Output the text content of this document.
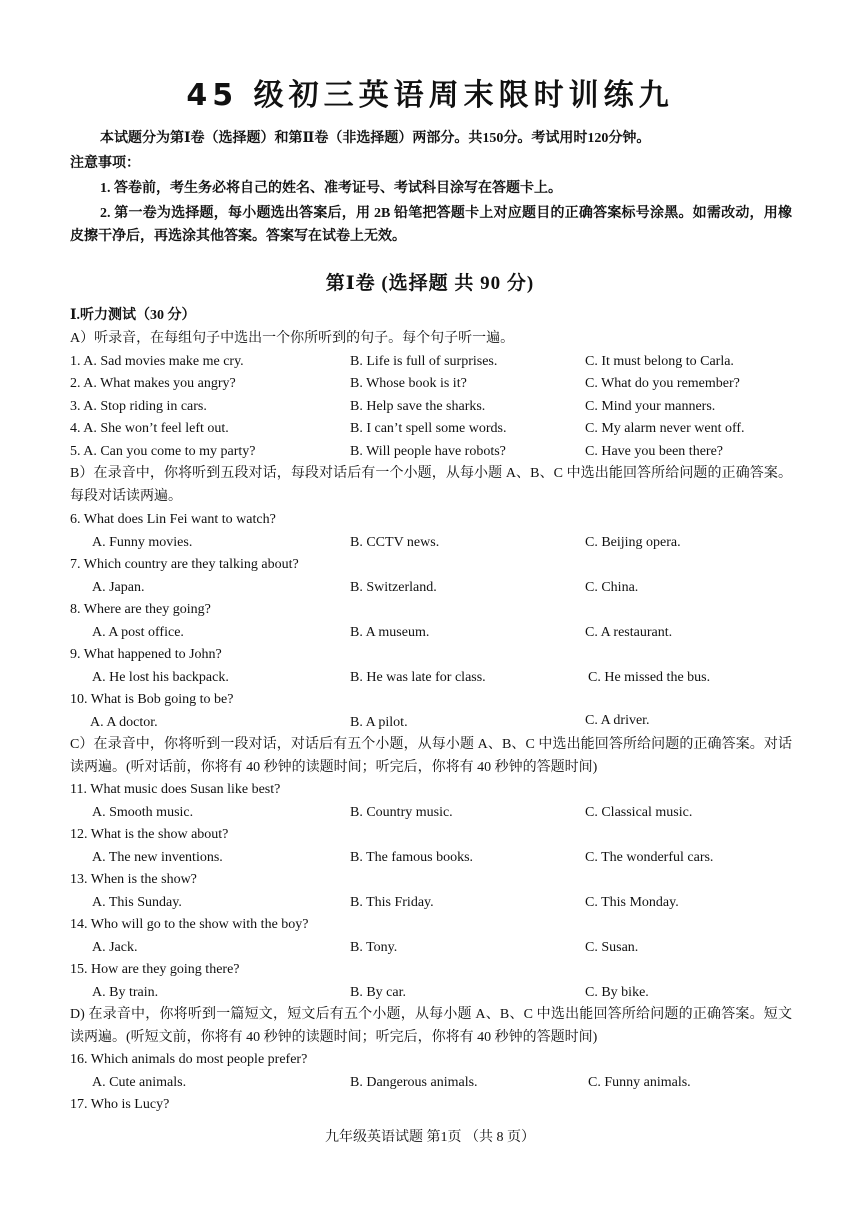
45 级初三英语周末限时训练九
本试题分为第Ⅰ卷（选择题）和第Ⅱ卷（非选择题）两部分。共150分。考试用时120分钟。
注意事项：
1. 答卷前，考生务必将自己的姓名、准考证号、考试科目涂写在答题卡上。
2. 第一卷为选择题，每小题选出答案后，用 2B 铅笔把答题卡上对应题目的正确答案标号涂黑。如需改动，用橡皮擦干净后，再选涂其他答案。答案写在试卷上无效。
第Ⅰ卷 (选择题 共 90 分)
Ⅰ.听力测试（30 分）
A）听录音，在每组句子中选出一个你所听到的句子。每个句子听一遍。
1. A. Sad movies make me cry.	B. Life is full of surprises.	C. It must belong to Carla.
2. A. What makes you angry?	B. Whose book is it?	C. What do you remember?
3. A. Stop riding in cars.	B. Help save the sharks.	C. Mind your manners.
4. A. She won’t feel left out.	B. I can’t spell some words.	C. My alarm never went off.
5. A. Can you come to my party?	B. Will people have robots?	C. Have you been there?
B）在录音中，你将听到五段对话，每段对话后有一个小题，从每小题 A、B、C 中选出能回答所给问题的正确答案。每段对话读两遍。
6. What does Lin Fei want to watch?
A. Funny movies.	B. CCTV news.	C. Beijing opera.
7. Which country are they talking about?
A. Japan.	B. Switzerland.	C. China.
8. Where are they going?
A. A post office.	B. A museum.	C. A restaurant.
9. What happened to John?
A. He lost his backpack.	B. He was late for class.	C. He missed the bus.
10. What is Bob going to be?
A. A doctor.	B. A pilot.	C. A driver.
C）在录音中，你将听到一段对话，对话后有五个小题，从每小题 A、B、C 中选出能回答所给问题的正确答案。对话读两遍。(听对话前，你将有 40 秒钟的读题时间；听完后，你将有 40 秒钟的答题时间)
11. What music does Susan like best?
A. Smooth music.	B. Country music.	C. Classical music.
12. What is the show about?
A. The new inventions.	B. The famous books.	C. The wonderful cars.
13. When is the show?
A. This Sunday.	B. This Friday.	C. This Monday.
14. Who will go to the show with the boy?
A. Jack.	B. Tony.	C. Susan.
15. How are they going there?
A. By train.	B. By car.	C. By bike.
D) 在录音中，你将听到一篇短文，短文后有五个小题，从每小题 A、B、C 中选出能回答所给问题的正确答案。短文读两遍。(听短文前，你将有 40 秒钟的读题时间；听完后，你将有 40 秒钟的答题时间)
16. Which animals do most people prefer?
A. Cute animals.	B. Dangerous animals.	C. Funny animals.
17. Who is Lucy?
九年级英语试题 第1页 （共 8 页）
